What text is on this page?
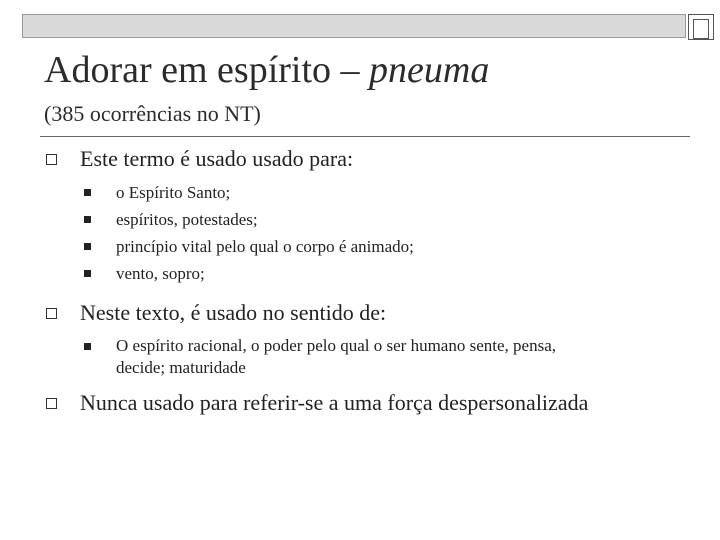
Adorar em espírito – pneuma
(385 ocorrências no NT)
Este termo é usado usado para:
o Espírito Santo;
espíritos, potestades;
princípio vital pelo qual o corpo é animado;
vento, sopro;
Neste texto, é usado no sentido de:
O espírito racional, o poder pelo qual o ser humano sente, pensa,
decide; maturidade
Nunca usado para referir-se a uma força despersonalizada
